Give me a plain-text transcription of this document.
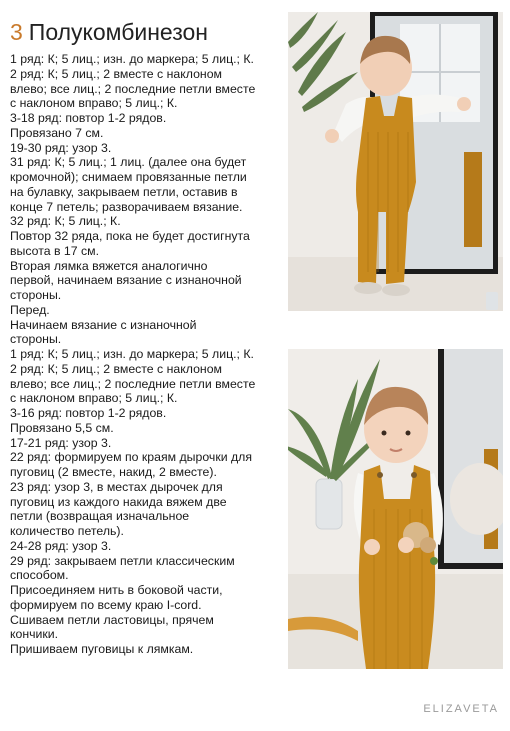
3 Полукомбинезон
1 ряд: К; 5 лиц.; изн. до маркера; 5 лиц.; К.
2 ряд: К; 5 лиц.; 2 вместе с наклоном
влево; все лиц.; 2 последние петли вместе
с наклоном вправо; 5 лиц.; К.
3-18 ряд: повтор 1-2 рядов.
Провязано 7 см.
19-30 ряд: узор 3.
31 ряд: К; 5 лиц.; 1 лиц. (далее она будет
кромочной); снимаем провязанные петли
на булавку, закрываем петли, оставив в
конце 7 петель; разворачиваем вязание.
32 ряд: К; 5 лиц.; К.
Повтор 32 ряда, пока не будет достигнута
высота в 17 см.
Вторая лямка вяжется аналогично
первой, начинаем вязание с изнаночной
стороны.
Перед.
Начинаем вязание с изнаночной
стороны.
1 ряд: К; 5 лиц.; изн. до маркера; 5 лиц.; К.
2 ряд: К; 5 лиц.; 2 вместе с наклоном
влево; все лиц.; 2 последние петли вместе
с наклоном вправо; 5 лиц.; К.
3-16 ряд: повтор 1-2 рядов.
Провязано 5,5 см.
17-21 ряд: узор 3.
22 ряд: формируем по краям дырочки для
пуговиц (2 вместе, накид, 2 вместе).
23 ряд: узор 3, в местах дырочек для
пуговиц из каждого накида вяжем две
петли (возвращая изначальное
количество петель).
24-28 ряд: узор 3.
29 ряд: закрываем петли классическим
способом.
Присоединяем нить в боковой части,
формируем по всему краю I-cord.
Сшиваем петли ластовицы, прячем
кончики.
Пришиваем пуговицы к лямкам.
ELIZAVETA
